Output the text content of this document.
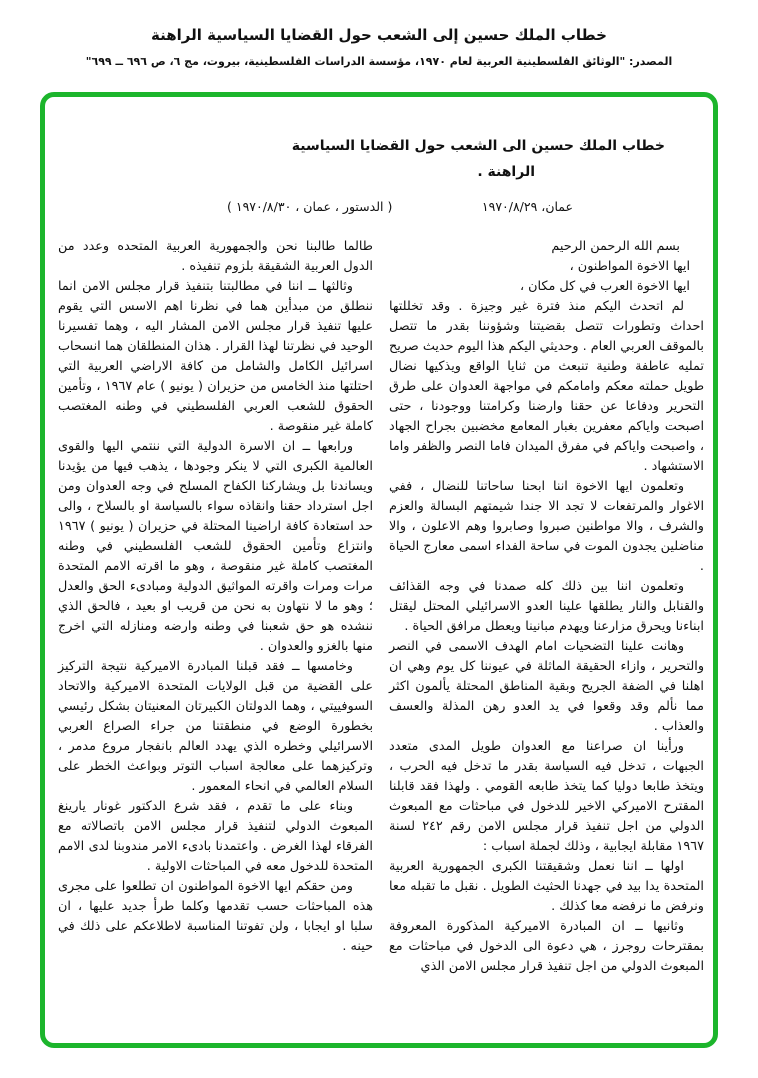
خطاب الملك حسين إلى الشعب حول القضايا السياسية الراهنة
المصدر: "الوثائق الفلسطينية العربية لعام ١٩٧٠، مؤسسة الدراسات الفلسطينية، بيروت، مج ٦، ص ٦٩٦ ــ ٦٩٩"
خطاب الملك حسين الى الشعب حول القضايا السياسية
الراهنة .
عمان، ١٩٧٠/٨/٢٩
( الدستور ، عمان ، ١٩٧٠/٨/٣٠ )

بسم الله الرحمن الرحيم

ايها الاخوة المواطنون ،

ايها الاخوة العرب في كل مكان ،

لم اتحدث اليكم منذ فترة غير وجيزة . وقد تخللتها احداث وتطورات تتصل بقضيتنا وشؤوننا بقدر ما تتصل بالموقف العربي العام . وحديثي اليكم هذا اليوم حديث صريح تمليه عاطفة وطنية تنبعث من ثنايا الواقع ويذكيها نضال طويل حملته معكم وامامكم في مواجهة العدوان على طرق التحرير ودفاعا عن حقنا وارضنا وكرامتنا ووجودنا ، حتى اصبحت واياكم معفرين بغبار المعامع مخضبين بجراح الجهاد ، واصبحت واياكم في مفرق الميدان فاما النصر والظفر واما الاستشهاد .

وتعلمون ايها الاخوة اننا ابحنا ساحاتنا للنضال ، ففي الاغوار والمرتفعات لا تجد الا جندا شيمتهم البسالة والعزم والشرف ، والا مواطنين صبروا وصابروا وهم الاعلون ، والا مناضلين يجدون الموت في ساحة الفداء اسمى معارج الحياة .

وتعلمون اننا بين ذلك كله صمدنا في وجه القذائف والقنابل والنار يطلقها علينا العدو الاسرائيلي المحتل ليقتل ابناءنا ويحرق مزارعنا ويهدم مبانينا ويعطل مرافق الحياة .

وهانت علينا التضحيات امام الهدف الاسمى في النصر والتحرير ، وازاء الحقيقة الماثلة في عيوننا كل يوم وهي ان اهلنا في الضفة الجريح وبقية المناطق المحتلة يألمون اكثر مما نألم وقد وقعوا في يد العدو رهن المذلة والعسف والعذاب .

ورأينا ان صراعنا مع العدوان طويل المدى متعدد الجبهات ، تدخل فيه السياسة بقدر ما تدخل فيه الحرب ، ويتخذ طابعا دوليا كما يتخذ طابعه القومي . ولهذا فقد قابلنا المقترح الاميركي الاخير للدخول في مباحثات مع المبعوث الدولي من اجل تنفيذ قرار مجلس الامن رقم ٢٤٢ لسنة ١٩٦٧ مقابلة ايجابية ، وذلك لجملة اسباب :

اولها ــ اننا نعمل وشقيقتنا الكبرى الجمهورية العربية المتحدة يدا بيد في جهدنا الحثيث الطويل . نقبل ما تقبله معا ونرفض ما نرفضه معا كذلك .

وثانيها ــ ان المبادرة الاميركية المذكورة المعروفة بمقترحات روجرز ، هي دعوة الى الدخول في مباحثات مع المبعوث الدولي من اجل تنفيذ قرار مجلس الامن الذي

طالما طالبنا نحن والجمهورية العربية المتحده وعدد من الدول العربية الشقيقة بلزوم تنفيذه .

وثالثها ــ اننا في مطالبتنا بتنفيذ قرار مجلس الامن انما ننطلق من مبدأين هما في نظرنا اهم الاسس التي يقوم عليها تنفيذ قرار مجلس الامن المشار اليه ، وهما تفسيرنا الوحيد في نظرتنا لهذا القرار . هذان المنطلقان هما انسحاب اسرائيل الكامل والشامل من كافة الاراضي العربية التي احتلتها منذ الخامس من حزيران ( يونيو ) عام ١٩٦٧ ، وتأمين الحقوق للشعب العربي الفلسطيني في وطنه المغتصب كاملة غير منقوصة .

ورابعها ــ ان الاسرة الدولية التي ننتمي اليها والقوى العالمية الكبرى التي لا ينكر وجودها ، يذهب فيها من يؤيدنا ويساندنا بل ويشاركنا الكفاح المسلح في وجه العدوان ومن اجل استرداد حقنا وانقاذه سواء بالسياسة او بالسلاح ، والى حد استعادة كافة اراضينا المحتلة في حزيران ( يونيو ) ١٩٦٧ وانتزاع وتأمين الحقوق للشعب الفلسطيني في وطنه المغتصب كاملة غير منقوصة ، وهو ما اقرته الامم المتحدة مرات ومرات واقرته المواثيق الدولية ومبادىء الحق والعدل ؛ وهو ما لا نتهاون به نحن من قريب او بعيد ، فالحق الذي ننشده هو حق شعبنا في وطنه وارضه ومنازله التي اخرج منها بالغزو والعدوان .

وخامسها ــ فقد قبلنا المبادرة الاميركية نتيجة التركيز على القضية من قبل الولايات المتحدة الاميركية والاتحاد السوفييتي ، وهما الدولتان الكبيرتان المعنيتان بشكل رئيسي بخطورة الوضع في منطقتنا من جراء الصراع العربي الاسرائيلي وخطره الذي يهدد العالم بانفجار مروع مدمر ، وتركيزهما على معالجة اسباب التوتر وبواعث الخطر على السلام العالمي في انحاء المعمور .

وبناء على ما تقدم ، فقد شرع الدكتور غونار يارينغ المبعوث الدولي لتنفيذ قرار مجلس الامن باتصالاته مع الفرقاء لهذا الغرض . واعتمدنا بادىء الامر مندوبنا لدى الامم المتحدة للدخول معه في المباحثات الاولية .

ومن حقكم ايها الاخوة المواطنون ان تطلعوا على مجرى هذه المباحثات حسب تقدمها وكلما طرأ جديد عليها ، ان سلبا او ايجابا ، ولن تفوتنا المناسبة لاطلاعكم على ذلك في حينه .
